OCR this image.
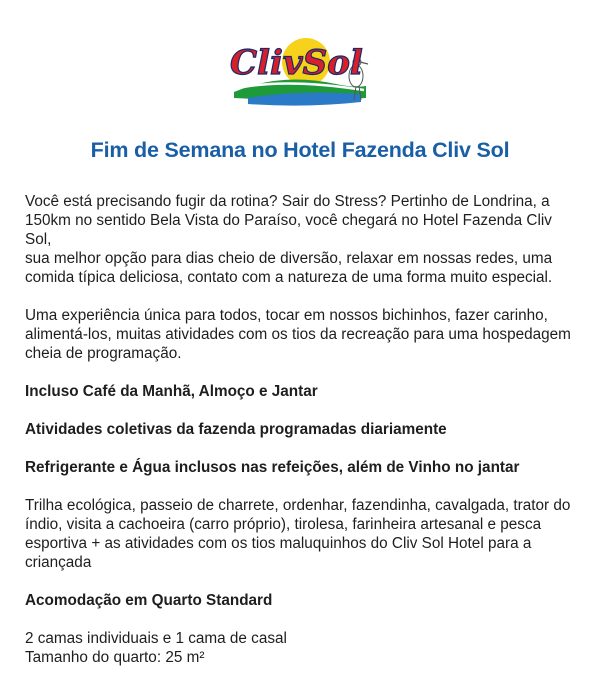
ClivSol
Fim de Semana no Hotel Fazenda Cliv Sol

Você está precisando fugir da rotina? Sair do Stress? Pertinho de Londrina, a

150km no sentido Bela Vista do Paraíso, você chegará no Hotel Fazenda Cliv Sol,

sua melhor opção para dias cheio de diversão, relaxar em nossas redes, uma

comida típica deliciosa, contato com a natureza de uma forma muito especial.

Uma experiência única para todos, tocar em nossos bichinhos, fazer carinho,

alimentá-los, muitas atividades com os tios da recreação para uma hospedagem

cheia de programação.

Incluso Café da Manhã, Almoço e Jantar

Atividades coletivas da fazenda programadas diariamente

Refrigerante e Água inclusos nas refeições, além de Vinho no jantar

Trilha ecológica, passeio de charrete, ordenhar, fazendinha, cavalgada, trator do

índio, visita a cachoeira (carro próprio), tirolesa, farinheira artesanal e pesca

esportiva + as atividades com os tios maluquinhos do Cliv Sol Hotel para a

criançada

Acomodação em Quarto Standard

2 camas individuais e 1 cama de casal

Tamanho do quarto: 25 m²
